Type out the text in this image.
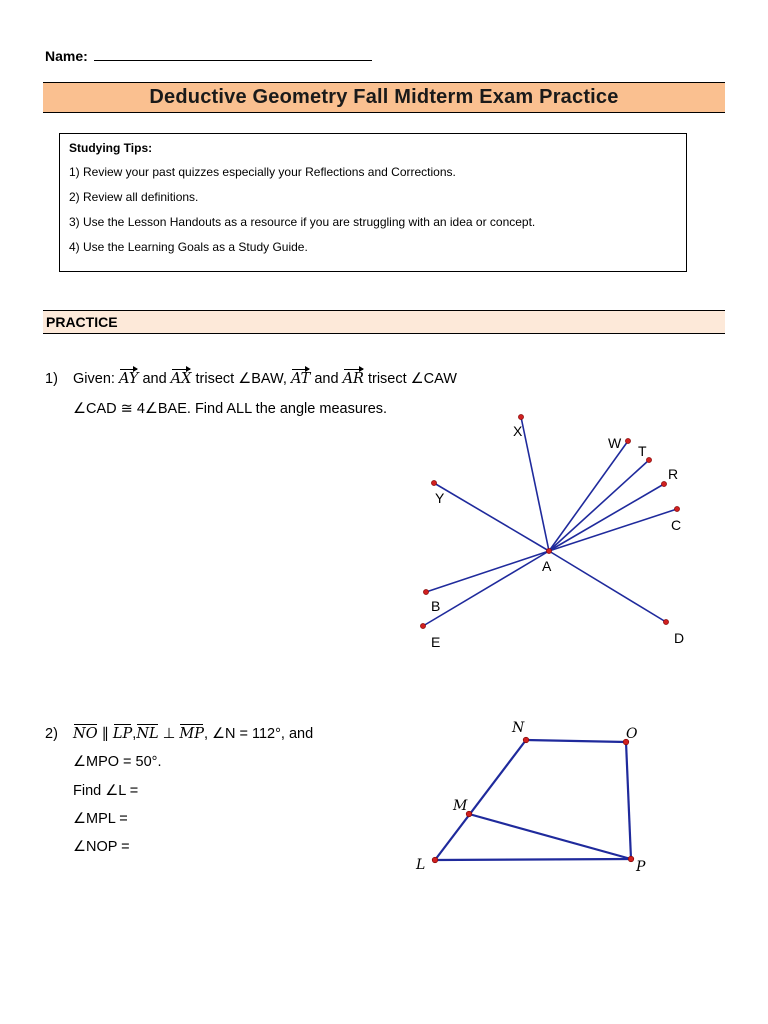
Name:
Deductive Geometry Fall Midterm Exam Practice
Studying Tips:
1) Review your past quizzes especially your Reflections and Corrections.
2) Review all definitions.
3) Use the Lesson Handouts as a resource if you are struggling with an idea or concept.
4) Use the Learning Goals as a Study Guide.
PRACTICE
1) Given: AY and AX trisect ∠BAW, AT and AR trisect ∠CAW
∠CAD ≅ 4∠BAE. Find ALL the angle measures.
X
W T
R
C
Y
A
B
E	D
2) NO ∥ LP,NL ⊥ MP, ∠N = 112°, and
∠MPO = 50°.
Find ∠L =
∠MPL =
∠NOP =
N	O
M
L	P
